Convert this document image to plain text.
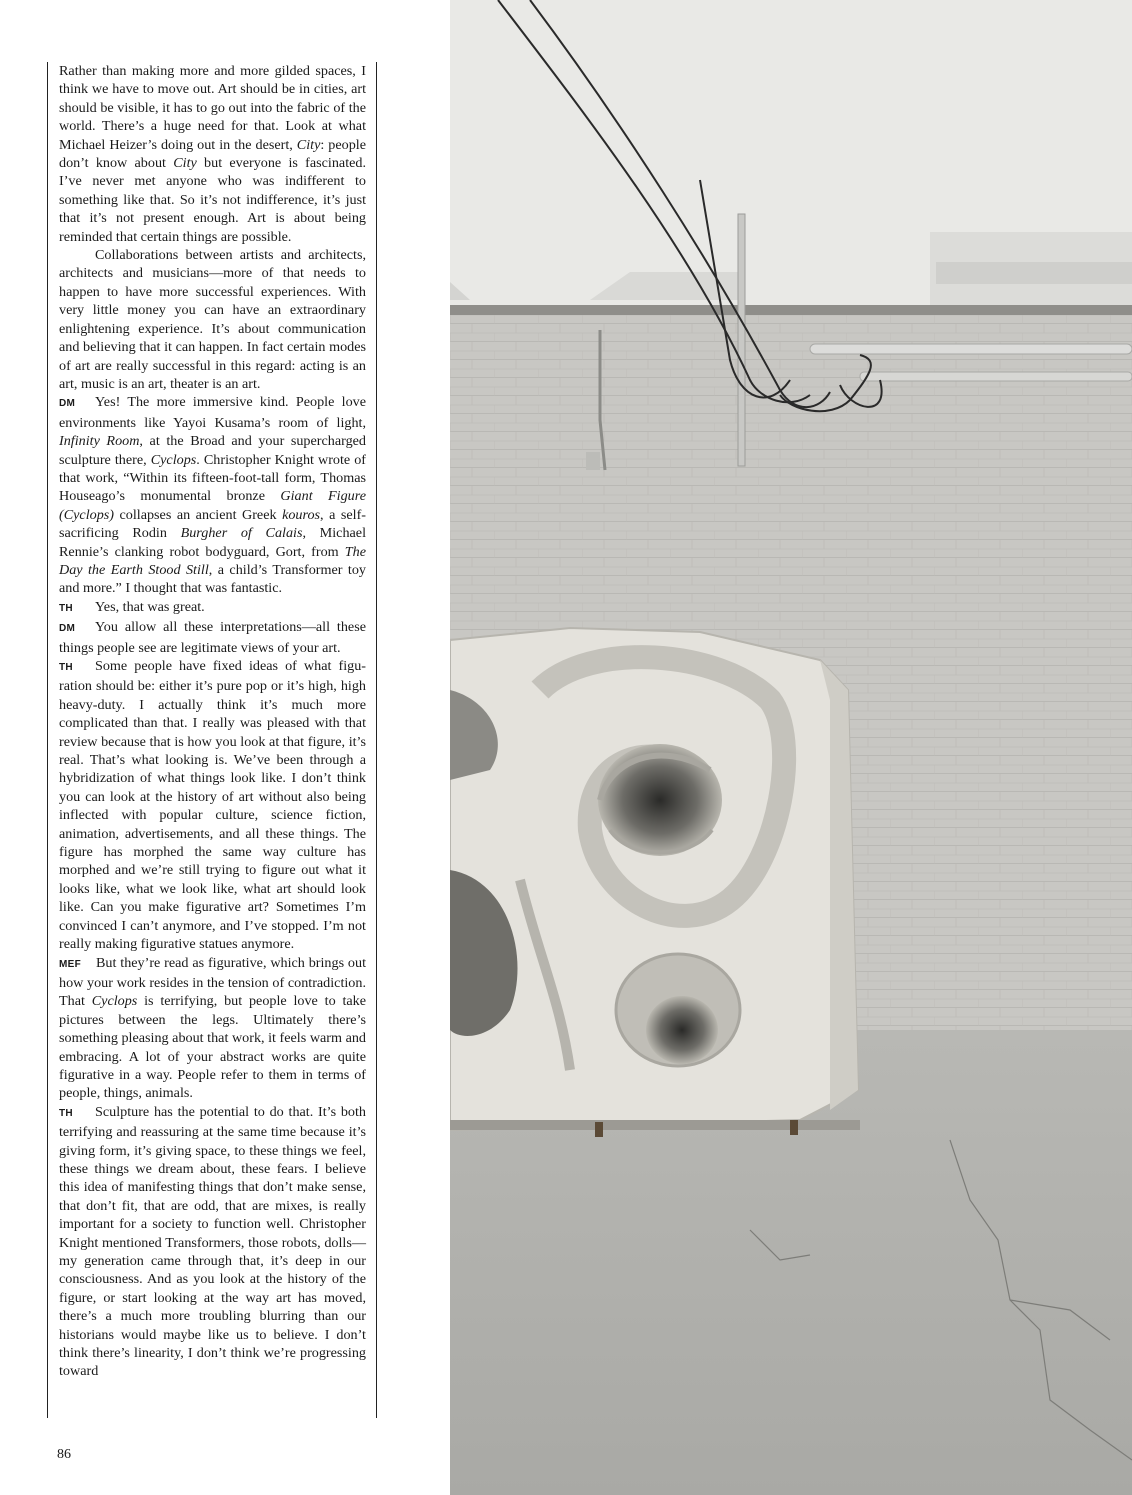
Rather than making more and more gilded spaces, I think we have to move out. Art should be in cities, art should be visible, it has to go out into the fabric of the world. There’s a huge need for that. Look at what Michael Heizer’s doing out in the desert, City: people don’t know about City but everyone is fascinated. I’ve never met anyone who was indifferent to something like that. So it’s not indifference, it’s just that it’s not present enough. Art is about being reminded that certain things are possible.

Collaborations between artists and architects, architects and musicians—more of that needs to happen to have more successful experiences. With very little money you can have an extraordinary enlightening experience. It’s about communication and believing that it can happen. In fact certain modes of art are really successful in this regard: acting is an art, music is an art, theater is an art.

DM Yes! The more immersive kind. People love environments like Yayoi Kusama’s room of light, Infinity Room, at the Broad and your supercharged sculpture there, Cyclops. Christopher Knight wrote of that work, “Within its fifteen-foot-tall form, Thomas Houseago’s monumental bronze Giant Figure (Cyclops) collapses an ancient Greek kouros, a self-sacrificing Rodin Burgher of Calais, Michael Rennie’s clanking robot bodyguard, Gort, from The Day the Earth Stood Still, a child’s Transformer toy and more.” I thought that was fantastic.

TH Yes, that was great.

DM You allow all these interpretations—all these things people see are legitimate views of your art.

TH Some people have fixed ideas of what figuration should be: either it’s pure pop or it’s high, high heavy-duty. I actually think it’s much more complicated than that. I really was pleased with that review because that is how you look at that figure, it’s real. That’s what looking is. We’ve been through a hybridization of what things look like. I don’t think you can look at the history of art without also being inflected with popular culture, science fiction, animation, advertisements, and all these things. The figure has morphed the same way culture has morphed and we’re still trying to figure out what it looks like, what we look like, what art should look like. Can you make figurative art? Sometimes I’m convinced I can’t anymore, and I’ve stopped. I’m not really making figurative statues anymore.

MEF But they’re read as figurative, which brings out how your work resides in the tension of contradiction. That Cyclops is terrifying, but people love to take pictures between the legs. Ultimately there’s something pleasing about that work, it feels warm and embracing. A lot of your abstract works are quite figurative in a way. People refer to them in terms of people, things, animals.

TH Sculpture has the potential to do that. It’s both terrifying and reassuring at the same time because it’s giving form, it’s giving space, to these things we feel, these things we dream about, these fears. I believe this idea of manifesting things that don’t make sense, that don’t fit, that are odd, that are mixes, is really important for a society to function well. Christopher Knight mentioned Transformers, those robots, dolls—my generation came through that, it’s deep in our consciousness. And as you look at the history of the figure, or start looking at the way art has moved, there’s a much more troubling blurring than our historians would maybe like us to believe. I don’t think there’s linearity, I don’t think we’re progressing toward

86
